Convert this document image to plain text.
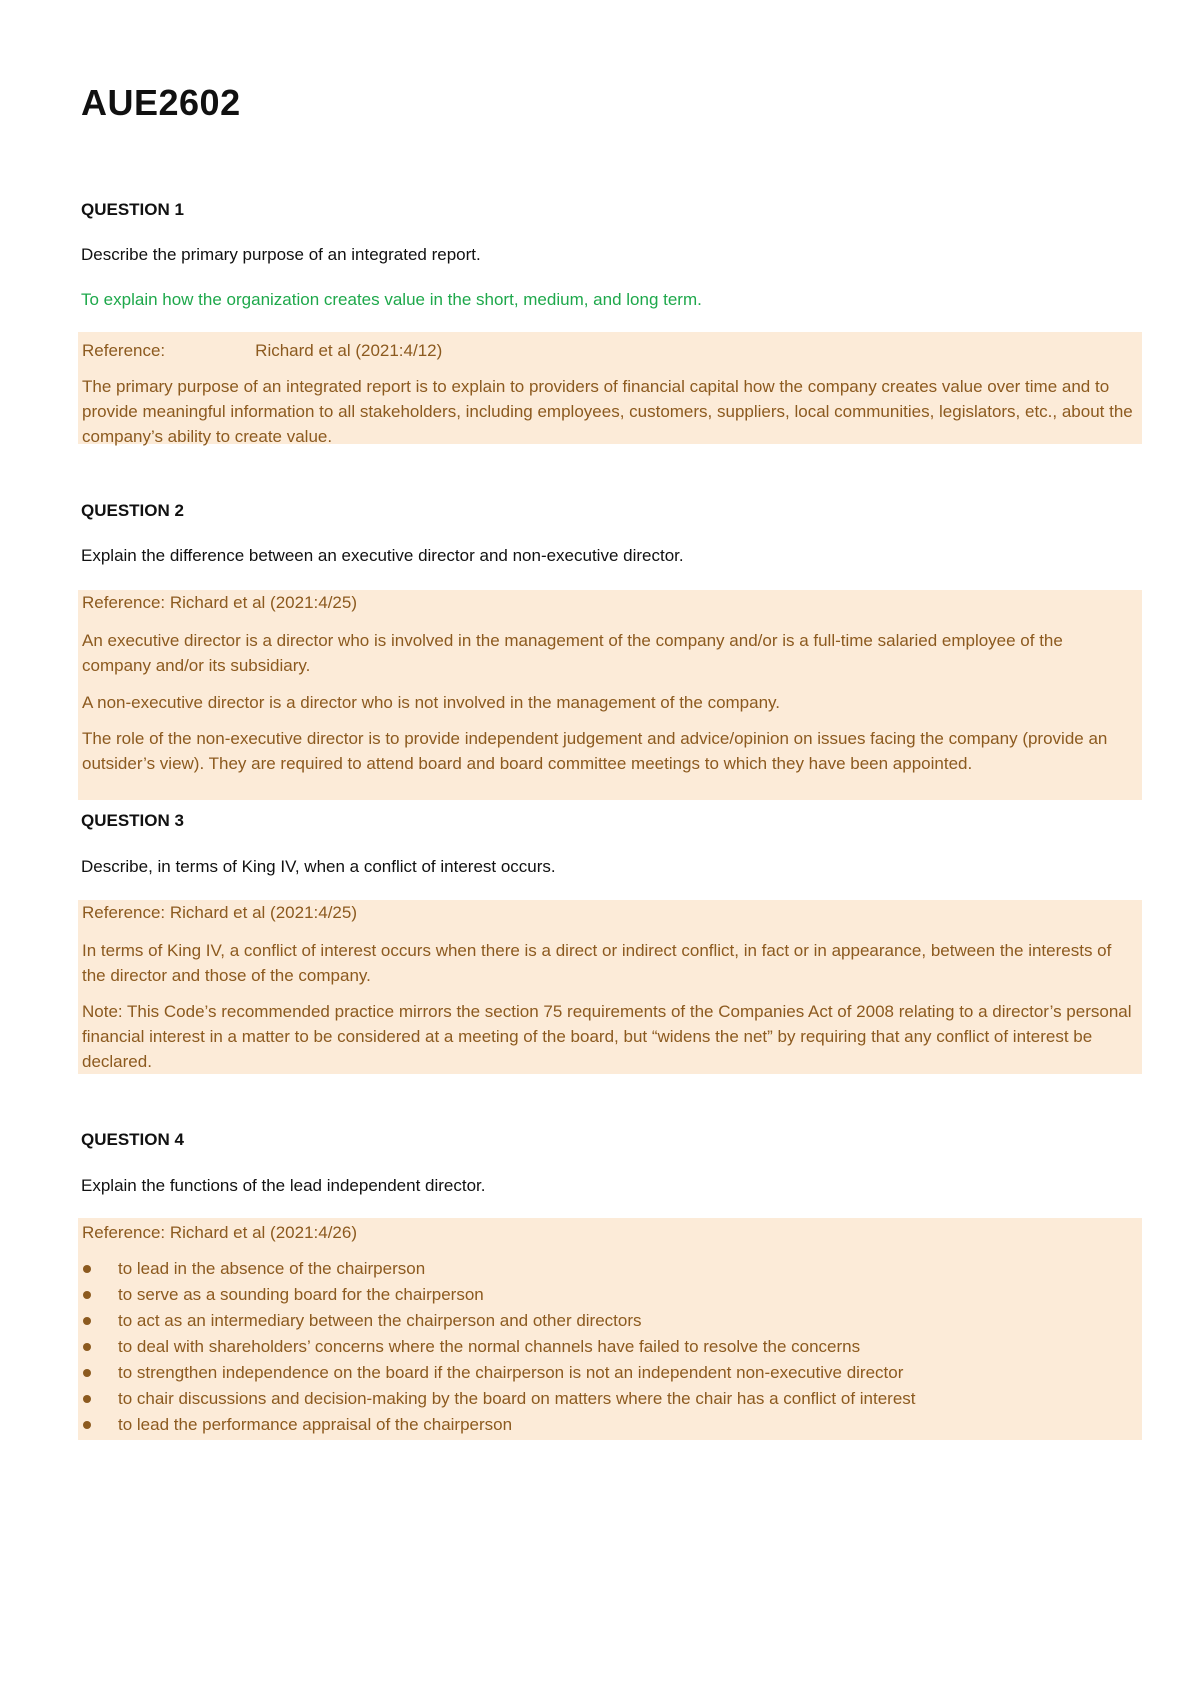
AUE2602

QUESTION 1

Describe the primary purpose of an integrated report.

To explain how the organization creates value in the short, medium, and long term.

Reference:	Richard et al (2021:4/12)

The primary purpose of an integrated report is to explain to providers of financial capital how the company creates value over time and to provide meaningful information to all stakeholders, including employees, customers, suppliers, local communities, legislators, etc., about the company’s ability to create value.

QUESTION 2

Explain the difference between an executive director and non-executive director.

Reference: Richard et al (2021:4/25)

An executive director is a director who is involved in the management of the company and/or is a full-time salaried employee of the company and/or its subsidiary.

A non-executive director is a director who is not involved in the management of the company.

The role of the non-executive director is to provide independent judgement and advice/opinion on issues facing the company (provide an outsider’s view). They are required to attend board and board committee meetings to which they have been appointed.

QUESTION 3

Describe, in terms of King IV, when a conflict of interest occurs.

Reference: Richard et al (2021:4/25)

In terms of King IV, a conflict of interest occurs when there is a direct or indirect conflict, in fact or in appearance, between the interests of the director and those of the company.

Note: This Code’s recommended practice mirrors the section 75 requirements of the Companies Act of 2008 relating to a director’s personal financial interest in a matter to be considered at a meeting of the board, but “widens the net” by requiring that any conflict of interest be declared.

QUESTION 4

Explain the functions of the lead independent director.

Reference: Richard et al (2021:4/26)

to lead in the absence of the chairperson
to serve as a sounding board for the chairperson
to act as an intermediary between the chairperson and other directors
to deal with shareholders’ concerns where the normal channels have failed to resolve the concerns
to strengthen independence on the board if the chairperson is not an independent non-executive director
to chair discussions and decision-making by the board on matters where the chair has a conflict of interest
to lead the performance appraisal of the chairperson
